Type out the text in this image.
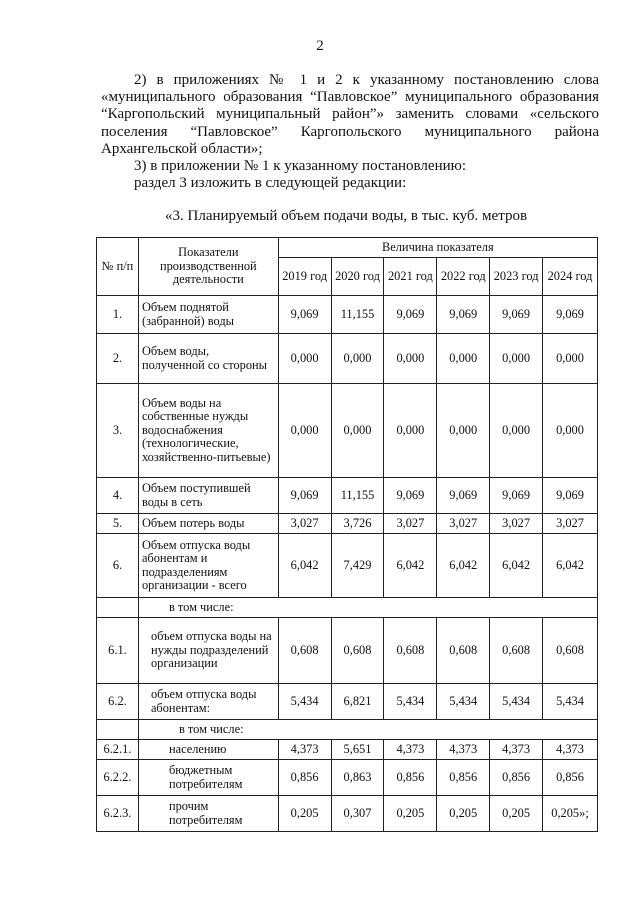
2

2) в приложениях № 1 и 2 к указанному постановлению слова «муниципального образования “Павловское” муниципального образования “Каргопольский муниципальный район”» заменить словами «сельского поселения “Павловское” Каргопольского муниципального района Архангельской области»;

3) в приложении № 1 к указанному постановлению:

раздел 3 изложить в следующей редакции:

«3. Планируемый объем подачи воды, в тыс. куб. метров
№ п/п	Показатели производственной деятельности	Величина показателя					
		2019 год	2020 год	2021 год	2022 год	2023 год	2024 год
1.	Объем поднятой (забранной) воды	9,069	11,155	9,069	9,069	9,069	9,069
2.	Объем воды, полученной со стороны	0,000	0,000	0,000	0,000	0,000	0,000
3.	Объем воды на собственные нужды водоснабжения (технологические, хозяйственно-питьевые)	0,000	0,000	0,000	0,000	0,000	0,000
4.	Объем поступившей воды в сеть	9,069	11,155	9,069	9,069	9,069	9,069
5.	Объем потерь воды	3,027	3,726	3,027	3,027	3,027	3,027
6.	Объем отпуска воды абонентам и подразделениям организации - всего	6,042	7,429	6,042	6,042	6,042	6,042
	в том числе:						
6.1.	объем отпуска воды на нужды подразделений организации	0,608	0,608	0,608	0,608	0,608	0,608
6.2.	объем отпуска воды абонентам:	5,434	6,821	5,434	5,434	5,434	5,434
	в том числе:						
6.2.1.	населению	4,373	5,651	4,373	4,373	4,373	4,373
6.2.2.	бюджетным потребителям	0,856	0,863	0,856	0,856	0,856	0,856
6.2.3.	прочим потребителям	0,205	0,307	0,205	0,205	0,205	0,205»;
